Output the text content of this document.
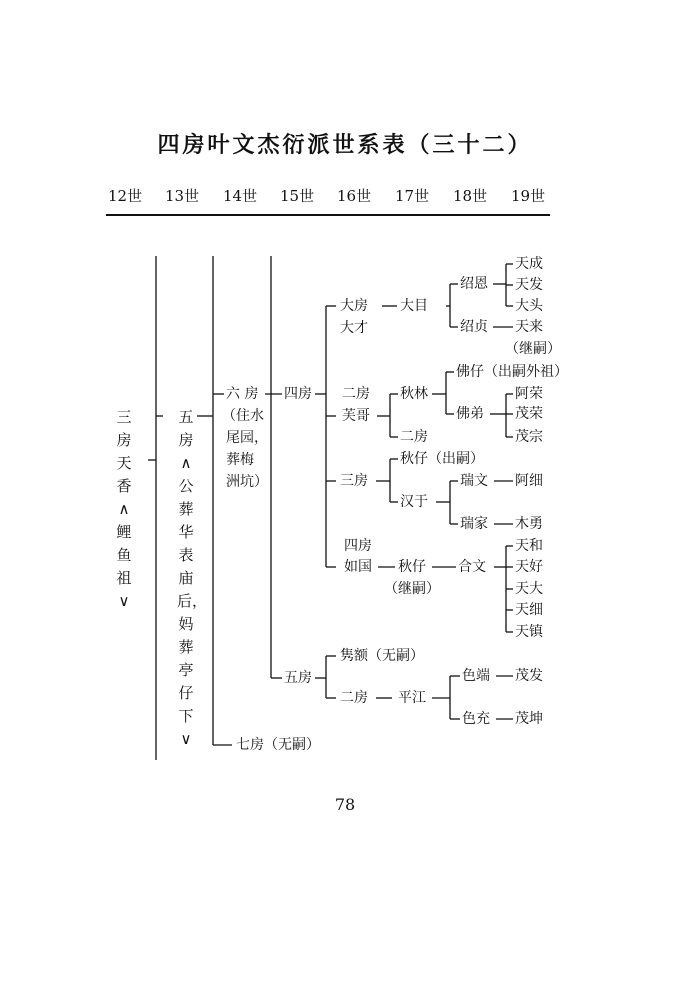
四房叶文杰衍派世系表（三十二）
12世 13世 14世 15世 16世 17世 18世 19世
三房天香∧鲤鱼祖∨
五房∧公葬华表庙后，妈葬亭仔下∨
六 房
（住水
尾园，
葬梅
洲坑）
七房（无嗣）
四房
五房
大房
大才
二房
芙哥
三房
四房
如国
隽额（无嗣）
二房
大目
秋林
二房
秋仔（出嗣）
汉于
秋仔
（继嗣）
平江
绍恩
绍贞
佛仔（出嗣外祖）
佛弟
瑞文
瑞家
合文
色端
色充
天成
天发
大头
天来
（继嗣）
阿荣
茂荣
茂宗
阿细
木勇
天和
天好
天大
天细
天镇
茂发
茂坤
78
